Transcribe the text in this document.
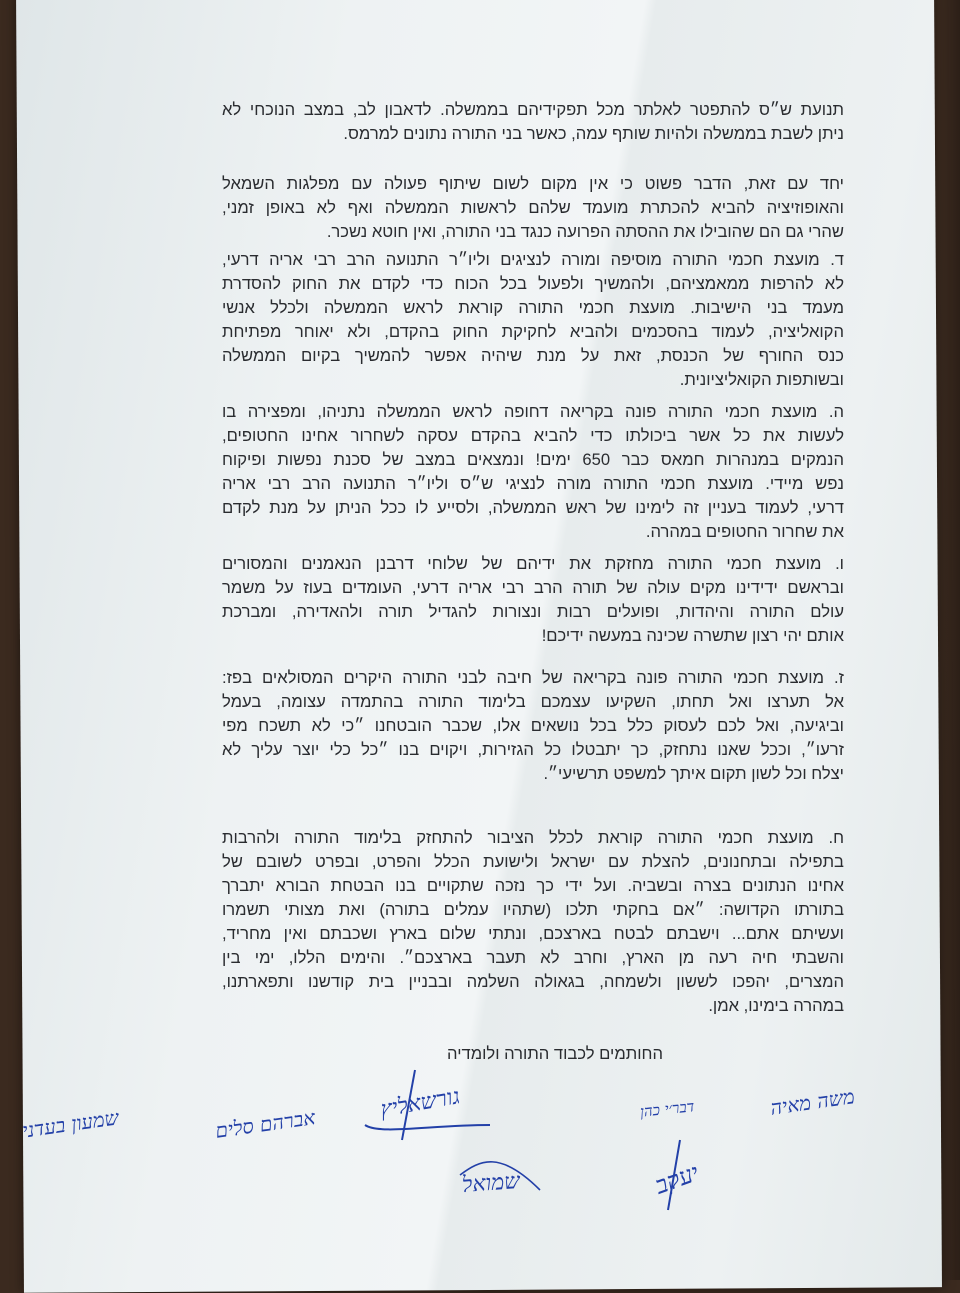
תנועת ש״ס להתפטר לאלתר מכל תפקידיהם בממשלה. לדאבון לב, במצב הנוכחי לא
ניתן לשבת בממשלה ולהיות שותף עמה, כאשר בני התורה נתונים למרמס.
יחד עם זאת, הדבר פשוט כי אין מקום לשום שיתוף פעולה עם מפלגות השמאל
והאופוזיציה להביא להכתרת מועמד שלהם לראשות הממשלה ואף לא באופן זמני,
שהרי גם הם שהובילו את ההסתה הפרועה כנגד בני התורה, ואין חוטא נשכר.
ד. מועצת חכמי התורה מוסיפה ומורה לנציגים וליו״ר התנועה הרב רבי אריה דרעי,
לא להרפות ממאמציהם, ולהמשיך ולפעול בכל הכוח כדי לקדם את החוק להסדרת
מעמד בני הישיבות. מועצת חכמי התורה קוראת לראש הממשלה ולכלל אנשי
הקואליציה, לעמוד בהסכמים ולהביא לחקיקת החוק בהקדם, ולא יאוחר מפתיחת
כנס החורף של הכנסת, זאת על מנת שיהיה אפשר להמשיך בקיום הממשלה
ובשותפות הקואליציונית.
ה. מועצת חכמי התורה פונה בקריאה דחופה לראש הממשלה נתניהו, ומפצירה בו
לעשות את כל אשר ביכולתו כדי להביא בהקדם עסקה לשחרור אחינו החטופים,
הנמקים במנהרות חמאס כבר 650 ימים! ונמצאים במצב של סכנת נפשות ופיקוח
נפש מיידי. מועצת חכמי התורה מורה לנציגי ש״ס וליו״ר התנועה הרב רבי אריה
דרעי, לעמוד בעניין זה לימינו של ראש הממשלה, ולסייע לו ככל הניתן על מנת לקדם
את שחרור החטופים במהרה.
ו. מועצת חכמי התורה מחזקת את ידיהם של שלוחי דרבנן הנאמנים והמסורים
ובראשם ידידינו מקים עולה של תורה הרב רבי אריה דרעי, העומדים בעוז על משמר
עולם התורה והיהדות, ופועלים רבות ונצורות להגדיל תורה ולהאדירה, ומברכת
אותם יהי רצון שתשרה שכינה במעשה ידיכם!
ז. מועצת חכמי התורה פונה בקריאה של חיבה לבני התורה היקרים המסולאים בפז:
אל תערצו ואל תחתו, השקיעו עצמכם בלימוד התורה בהתמדה עצומה, בעמל
וביגיעה, ואל לכם לעסוק כלל בכל נושאים אלו, שכבר הובטחנו ״כי לא תשכח מפי
זרעו״, וככל שאנו נתחזק, כך יתבטלו כל הגזירות, ויקוים בנו ״כל כלי יוצר עליך לא
יצלח וכל לשון תקום איתך למשפט תרשיעי״.
ח. מועצת חכמי התורה קוראת לכלל הציבור להתחזק בלימוד התורה ולהרבות
בתפילה ובתחנונים, להצלת עם ישראל ולישועת הכלל והפרט, ובפרט לשובם של
אחינו הנתונים בצרה ובשביה. ועל ידי כך נזכה שתקויים בנו הבטחת הבורא יתברך
בתורתו הקדושה: ״אם בחקתי תלכו (שתהיו עמלים בתורה) ואת מצותי תשמרו
ועשיתם אתם... וישבתם לבטח בארצכם, ונתתי שלום בארץ ושכבתם ואין מחריד,
והשבתי חיה רעה מן הארץ, וחרב לא תעבר בארצכם״. והימים הללו, ימי בין
המצרים, יהפכו לששון ולשמחה, בגאולה השלמה ובבניין בית קודשנו ותפארתנו,
במהרה בימינו, אמן.
החותמים לכבוד התורה ולומדיה
משה מאיה
דבר׳י כהן
גורשאליץ
אברהם סלים
שמעון בעדני
שמואל	יעקב
